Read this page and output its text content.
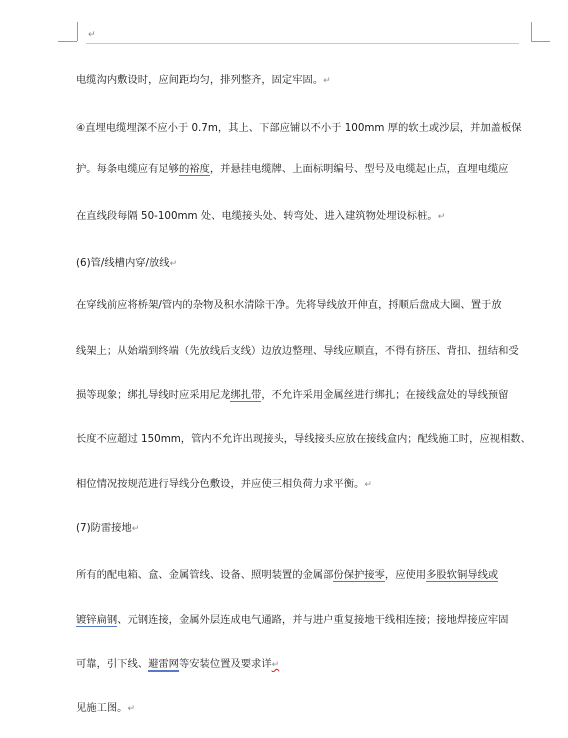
↵
电缆沟内敷设时，应间距均匀，排列整齐，固定牢固。↵
④直埋电缆埋深不应小于 0.7m，其上、下部应铺以不小于 100mm 厚的软土或沙层，并加盖板保
护。每条电缆应有足够的裕度，并悬挂电缆牌、上面标明编号、型号及电缆起止点，直埋电缆应
在直线段每隔 50-100mm 处、电缆接头处、转弯处、进入建筑物处埋设标桩。↵
(6)管/线槽内穿/放线↵
在穿线前应将桥架/管内的杂物及积水清除干净。先将导线放开伸直，捋顺后盘成大圈、置于放
线架上；从始端到终端（先放线后支线）边放边整理、导线应顺直，不得有挤压、背扣、扭结和受
损等现象；绑扎导线时应采用尼龙绑扎带，不允许采用金属丝进行绑扎；在接线盒处的导线预留
长度不应超过 150mm，管内不允许出现接头，导线接头应放在接线盒内；配线施工时，应视相数、
相位情况按规范进行导线分色敷设，并应使三相负荷力求平衡。↵
(7)防雷接地↵
所有的配电箱、盒、金属管线、设备、照明装置的金属部份保护接零，应使用多股软铜导线或
镀锌扁钢、元钢连接，金属外层连成电气通路，并与进户重复接地干线相连接；接地焊接应牢固
可靠，引下线、避雷网等安装位置及要求详↵
见施工图。↵
